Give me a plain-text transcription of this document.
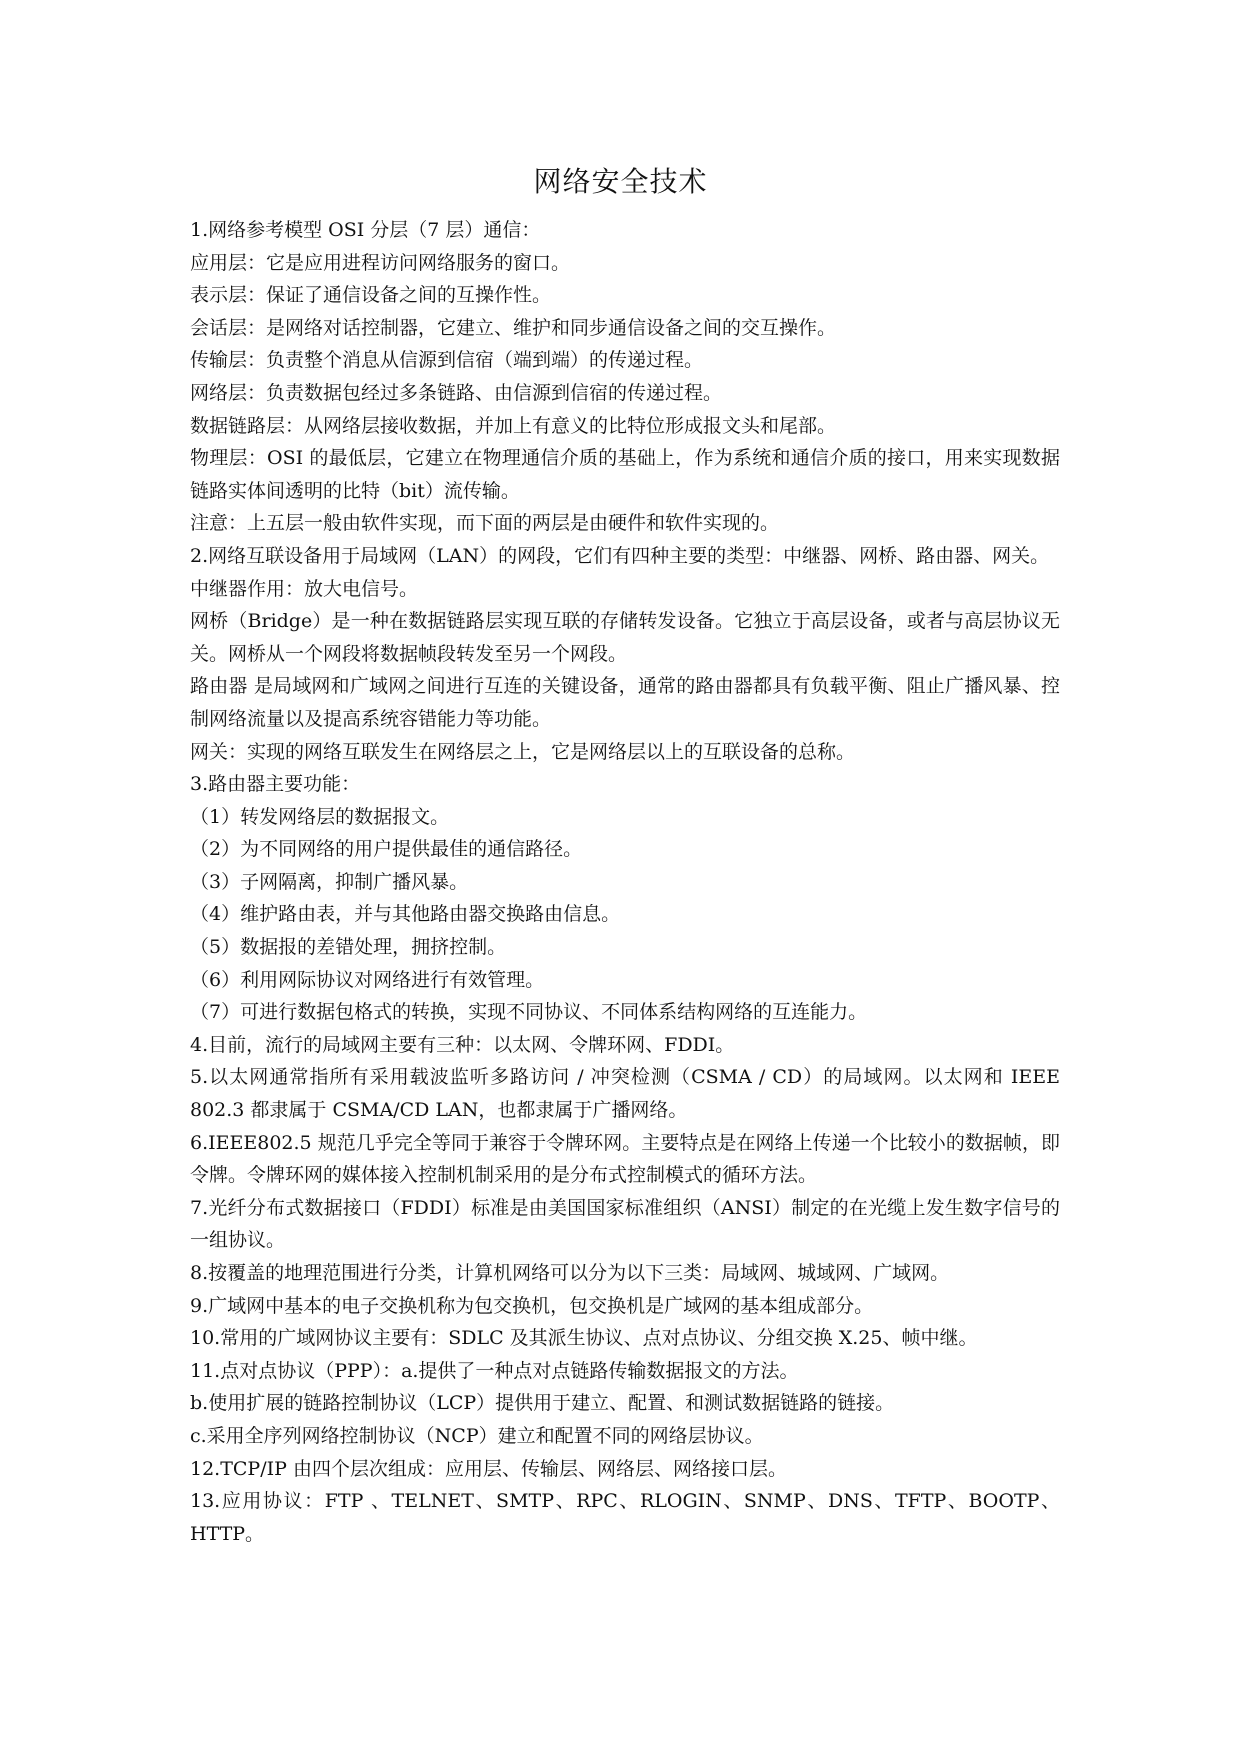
网络安全技术

1.网络参考模型 OSI 分层（7 层）通信：

应用层：它是应用进程访问网络服务的窗口。

表示层：保证了通信设备之间的互操作性。

会话层：是网络对话控制器，它建立、维护和同步通信设备之间的交互操作。

传输层：负责整个消息从信源到信宿（端到端）的传递过程。

网络层：负责数据包经过多条链路、由信源到信宿的传递过程。

数据链路层：从网络层接收数据，并加上有意义的比特位形成报文头和尾部。

物理层：OSI 的最低层，它建立在物理通信介质的基础上，作为系统和通信介质的接口，用来实现数据链路实体间透明的比特（bit）流传输。

注意：上五层一般由软件实现，而下面的两层是由硬件和软件实现的。

2.网络互联设备用于局域网（LAN）的网段，它们有四种主要的类型：中继器、网桥、路由器、网关。

中继器作用：放大电信号。

网桥（Bridge）是一种在数据链路层实现互联的存储转发设备。它独立于高层设备，或者与高层协议无关。网桥从一个网段将数据帧段转发至另一个网段。

路由器 是局域网和广域网之间进行互连的关键设备，通常的路由器都具有负载平衡、阻止广播风暴、控制网络流量以及提高系统容错能力等功能。

网关：实现的网络互联发生在网络层之上，它是网络层以上的互联设备的总称。

3.路由器主要功能：

（1）转发网络层的数据报文。

（2）为不同网络的用户提供最佳的通信路径。

（3）子网隔离，抑制广播风暴。

（4）维护路由表，并与其他路由器交换路由信息。

（5）数据报的差错处理，拥挤控制。

（6）利用网际协议对网络进行有效管理。

（7）可进行数据包格式的转换，实现不同协议、不同体系结构网络的互连能力。

4.目前，流行的局域网主要有三种：以太网、令牌环网、FDDI。

5.以太网通常指所有采用载波监听多路访问 / 冲突检测（CSMA / CD）的局域网。以太网和 IEEE 802.3 都隶属于 CSMA/CD LAN，也都隶属于广播网络。

6.IEEE802.5 规范几乎完全等同于兼容于令牌环网。主要特点是在网络上传递一个比较小的数据帧，即令牌。令牌环网的媒体接入控制机制采用的是分布式控制模式的循环方法。

7.光纤分布式数据接口（FDDI）标准是由美国国家标准组织（ANSI）制定的在光缆上发生数字信号的一组协议。

8.按覆盖的地理范围进行分类，计算机网络可以分为以下三类：局域网、城域网、广域网。

9.广域网中基本的电子交换机称为包交换机，包交换机是广域网的基本组成部分。

10.常用的广域网协议主要有：SDLC 及其派生协议、点对点协议、分组交换 X.25、帧中继。

11.点对点协议（PPP）：a.提供了一种点对点链路传输数据报文的方法。

b.使用扩展的链路控制协议（LCP）提供用于建立、配置、和测试数据链路的链接。

c.采用全序列网络控制协议（NCP）建立和配置不同的网络层协议。

12.TCP/IP 由四个层次组成：应用层、传输层、网络层、网络接口层。

13.应用协议：FTP 、TELNET、SMTP、RPC、RLOGIN、SNMP、DNS、TFTP、BOOTP、HTTP。
